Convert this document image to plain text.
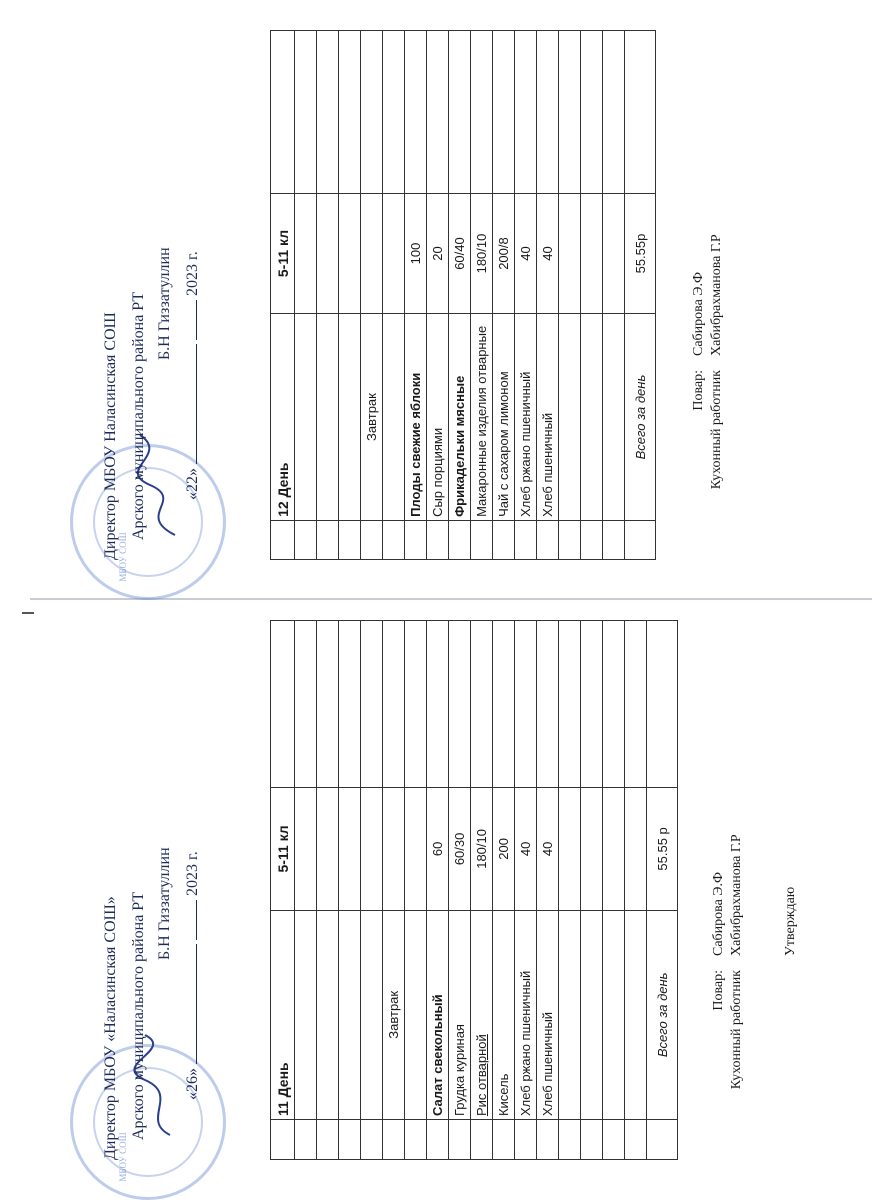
МБОУ СОШ
Директор МБОУ Наласинская СОШ Арского муниципального района РТ Б.Н Гиззатуллин
«22»2023 г.
	12 День	5-11 кл	

	Завтрак		

	Плоды свежие яблоки	100	
	Сыр порциями	20	
	Фрикадельки мясные	60/40	
	Макаронные изделия отварные	180/10	
	Чай с сахаром лимоном	200/8	
	Хлеб ржано пшеничный	40	
	Хлеб пшеничный	40	

	Всего за день	55.55р	
Повар:Сабирова Э.Ф
Кухонный работникХабибрахманова Г.Р
МБОУ СОШ
Директор МБОУ «Наласинская СОШ» Арского муниципального района РТ Б.Н Гиззатуллин
«26»2023 г.
	11 День	5-11 кл	

	Завтрак		

	Салат свекольный	60	
	Грудка куриная	60/30	
	Рис отварной	180/10	
	Кисель	200	
	Хлеб ржано пшеничный	40	
	Хлеб пшеничный	40	

	Всего за день	55.55 р	
Повар:Сабирова Э.Ф
Кухонный работникХабибрахманова Г.Р	Утверждаю
